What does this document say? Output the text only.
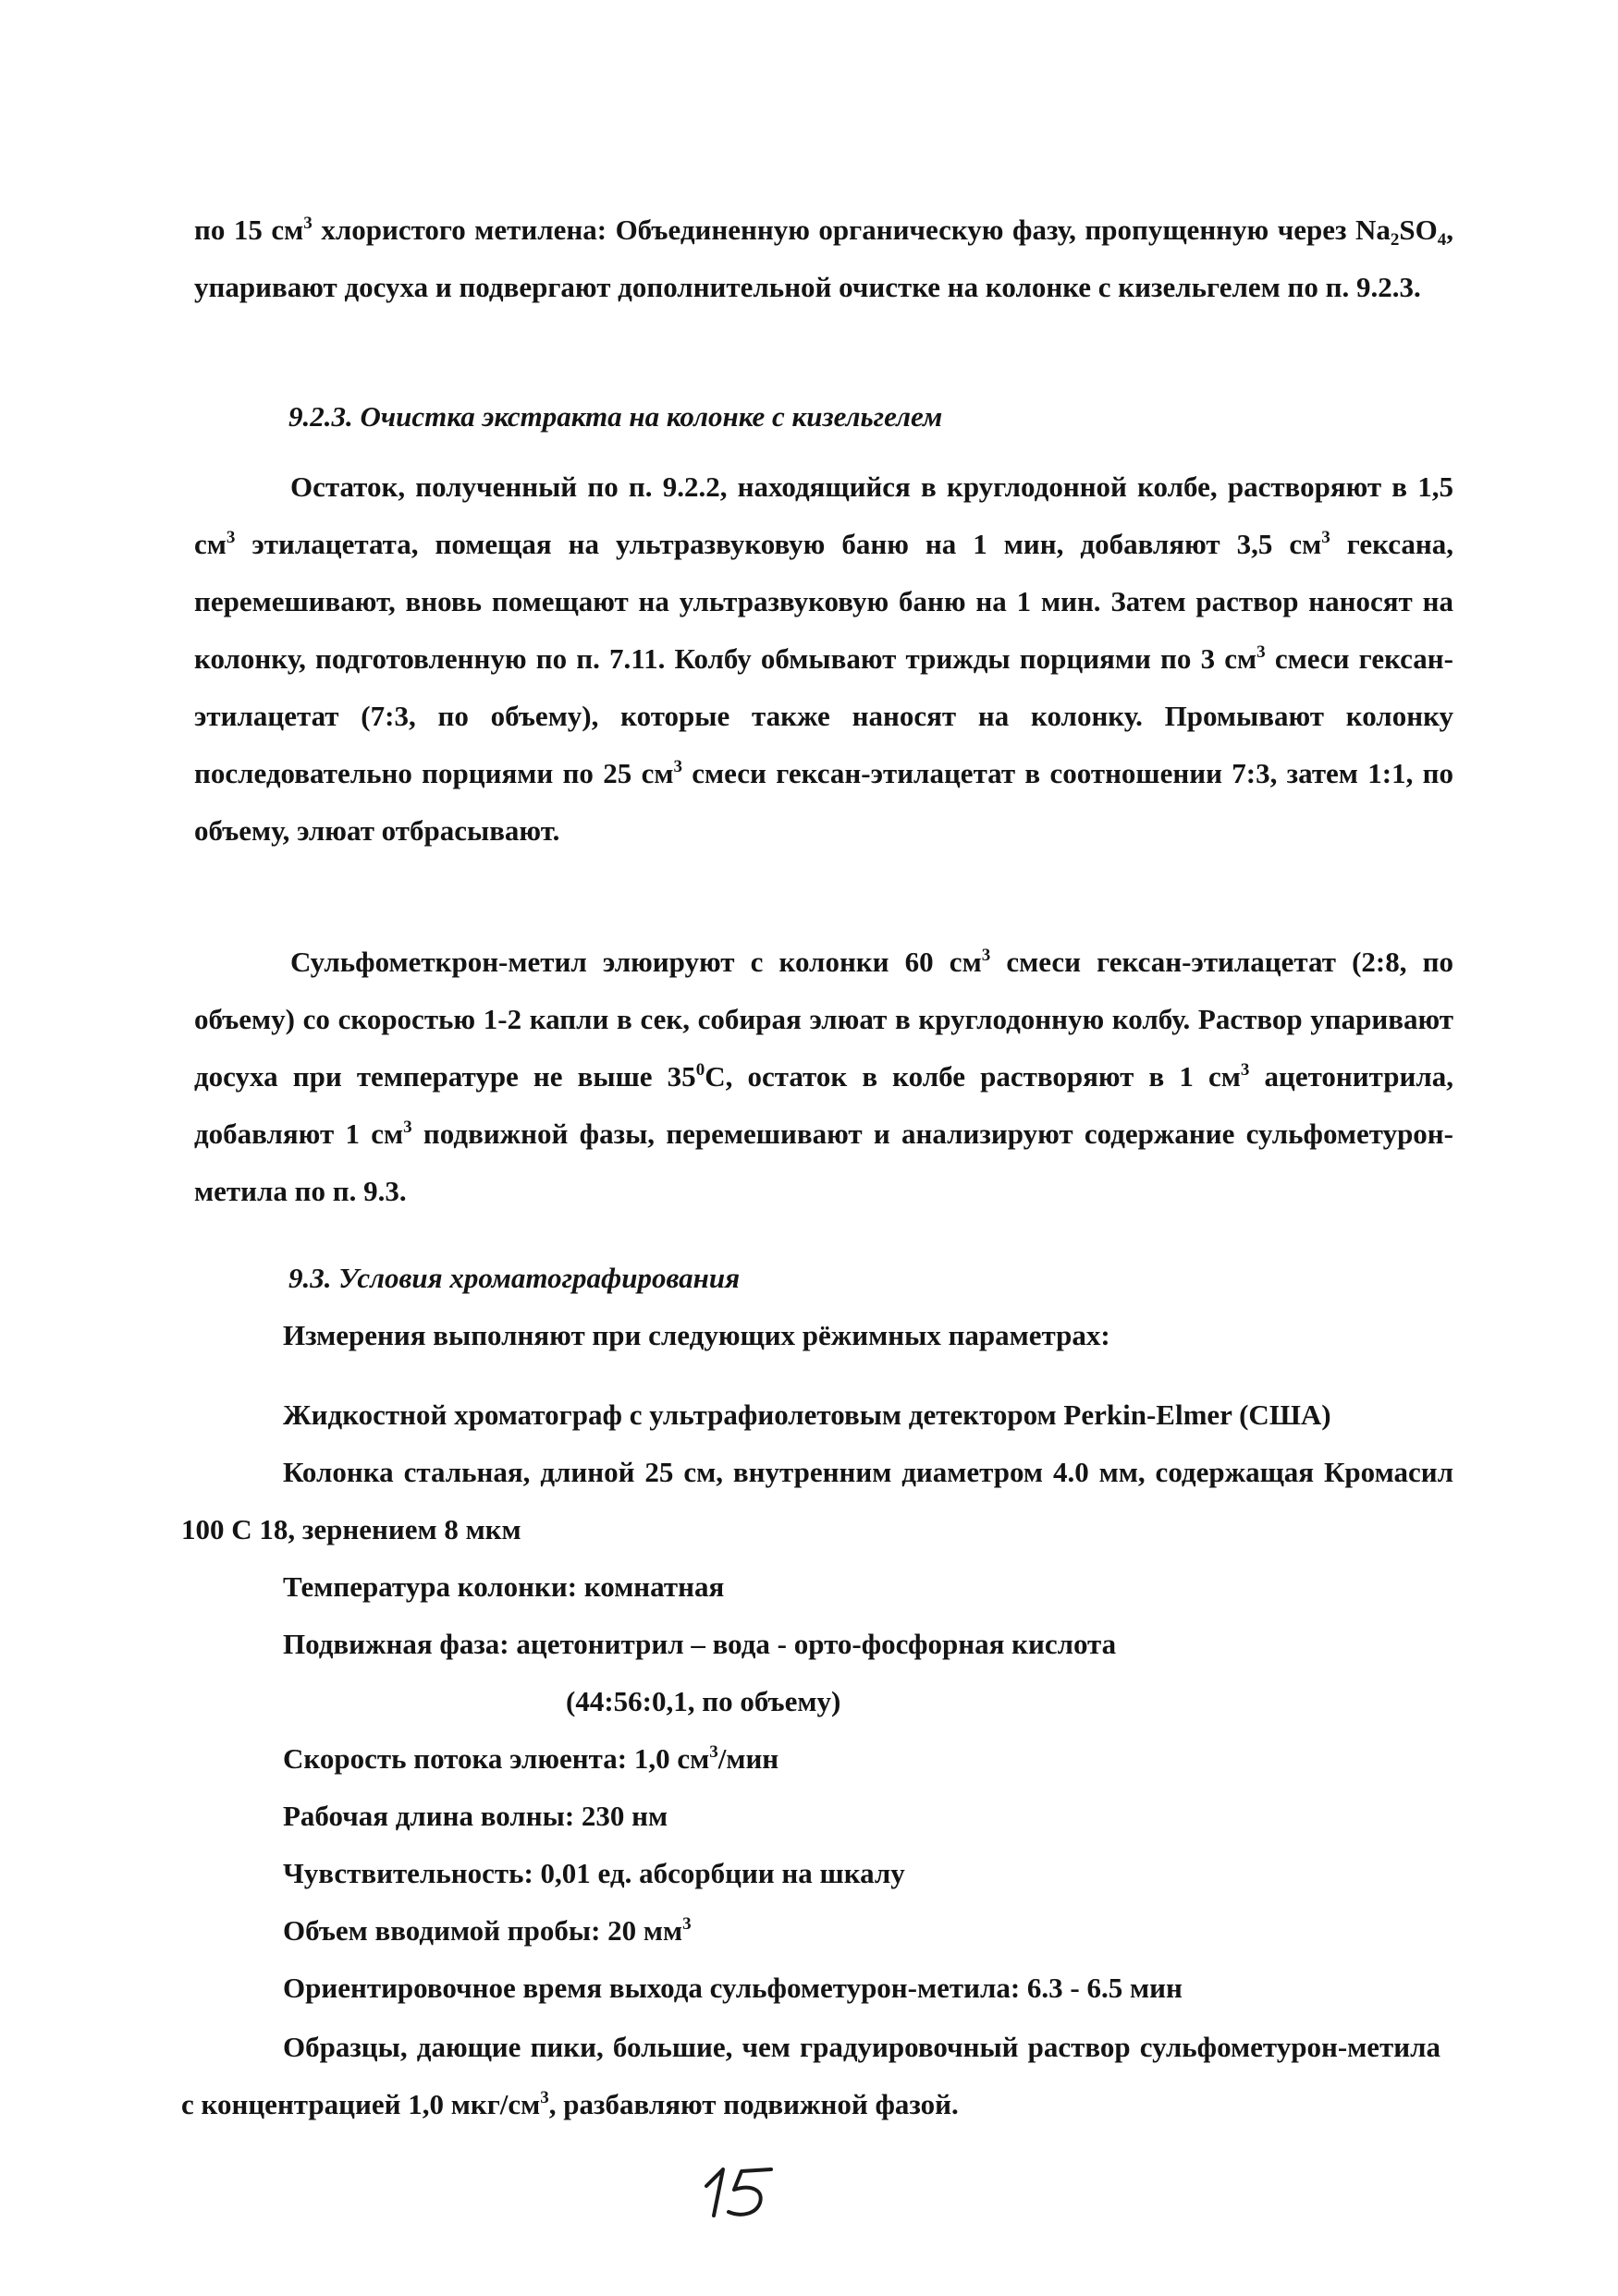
по 15 $см^3$ хлористого метилена: Объединенную органическую фазу, пропущенную через $Na_2SO_4$, упаривают досуха и подвергают дополнительной очистке на колонке с кизельгелем по п. 9.2.3.

9.2.3. Очистка экстракта на колонке с кизельгелем

Остаток, полученный по п. 9.2.2, находящийся в круглодонной колбе, растворяют в 1,5 $см^3$ этилацетата, помещая на ультразвуковую баню на 1 мин, добавляют 3,5 $см^3$ гексана, перемешивают, вновь помещают на ультразвуковую баню на 1 мин. Затем раствор наносят на колонку, подготовленную по п. 7.11. Колбу обмывают трижды порциями по 3 $см^3$ смеси гексан-этилацетат (7:3, по объему), которые также наносят на колонку. Промывают колонку последовательно порциями по 25 $см^3$ смеси гексан-этилацетат в соотношении 7:3, затем 1:1, по объему, элюат отбрасывают.

Сульфометкрон-метил элюируют с колонки 60 $см^3$ смеси гексан-этилацетат (2:8, по объему) со скоростью 1-2 капли в сек, собирая элюат в круглодонную колбу. Раствор упаривают досуха при температуре не выше $35^0С$, остаток в колбе растворяют в 1 $см^3$ ацетонитрила, добавляют 1 $см^3$ подвижной фазы, перемешивают и анализируют содержание сульфометурон-метила по п. 9.3.

9.3. Условия хроматографирования
Измерения выполняют при следующих рёжимных параметрах:
Жидкостной хроматограф с ультрафиолетовым детектором Perkin-Elmer (США)

Колонка стальная, длиной 25 см, внутренним диаметром 4.0 мм, содержащая Кромасил 100 С 18, зернением 8 мкм

Температура колонки: комнатная
Подвижная фаза: ацетонитрил – вода - орто-фосфорная кислота
(44:56:0,1, по объему)
Скорость потока элюента: 1,0 $см^3$/мин
Рабочая длина волны: 230 нм
Чувствительность: 0,01 ед. абсорбции на шкалу
Объем вводимой пробы: 20 $мм^3$
Ориентировочное время выхода сульфометурон-метила: 6.3 - 6.5 мин

Образцы, дающие пики, большие, чем градуировочный раствор сульфометурон-метила с концентрацией 1,0 мкг/$см^3$, разбавляют подвижной фазой.

15
